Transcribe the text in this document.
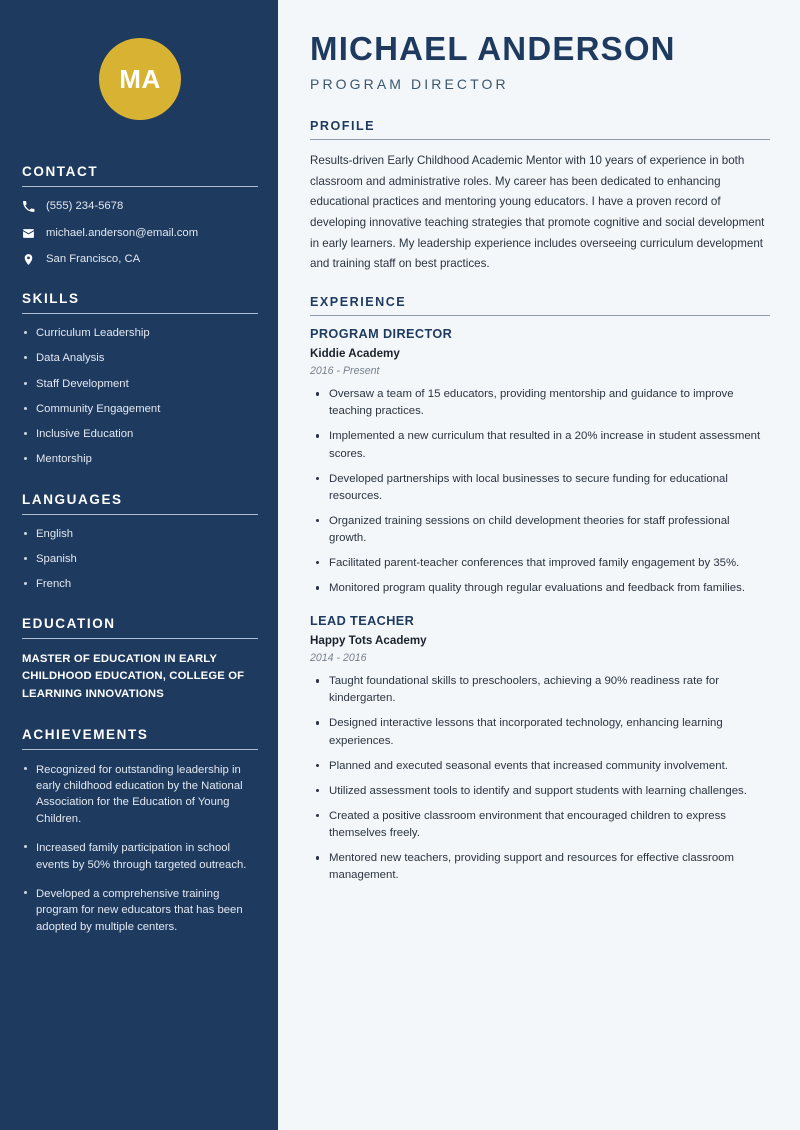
MA
CONTACT
(555) 234-5678
michael.anderson@email.com
San Francisco, CA
SKILLS
Curriculum Leadership
Data Analysis
Staff Development
Community Engagement
Inclusive Education
Mentorship
LANGUAGES
English
Spanish
French
EDUCATION
MASTER OF EDUCATION IN EARLY CHILDHOOD EDUCATION, COLLEGE OF LEARNING INNOVATIONS
ACHIEVEMENTS
Recognized for outstanding leadership in early childhood education by the National Association for the Education of Young Children.
Increased family participation in school events by 50% through targeted outreach.
Developed a comprehensive training program for new educators that has been adopted by multiple centers.
MICHAEL ANDERSON
PROGRAM DIRECTOR
PROFILE

Results-driven Early Childhood Academic Mentor with 10 years of experience in both classroom and administrative roles. My career has been dedicated to enhancing educational practices and mentoring young educators. I have a proven record of developing innovative teaching strategies that promote cognitive and social development in early learners. My leadership experience includes overseeing curriculum development and training staff on best practices.

EXPERIENCE
PROGRAM DIRECTOR
Kiddie Academy
2016 - Present
Oversaw a team of 15 educators, providing mentorship and guidance to improve teaching practices.
Implemented a new curriculum that resulted in a 20% increase in student assessment scores.
Developed partnerships with local businesses to secure funding for educational resources.
Organized training sessions on child development theories for staff professional growth.
Facilitated parent-teacher conferences that improved family engagement by 35%.
Monitored program quality through regular evaluations and feedback from families.
LEAD TEACHER
Happy Tots Academy
2014 - 2016
Taught foundational skills to preschoolers, achieving a 90% readiness rate for kindergarten.
Designed interactive lessons that incorporated technology, enhancing learning experiences.
Planned and executed seasonal events that increased community involvement.
Utilized assessment tools to identify and support students with learning challenges.
Created a positive classroom environment that encouraged children to express themselves freely.
Mentored new teachers, providing support and resources for effective classroom management.
